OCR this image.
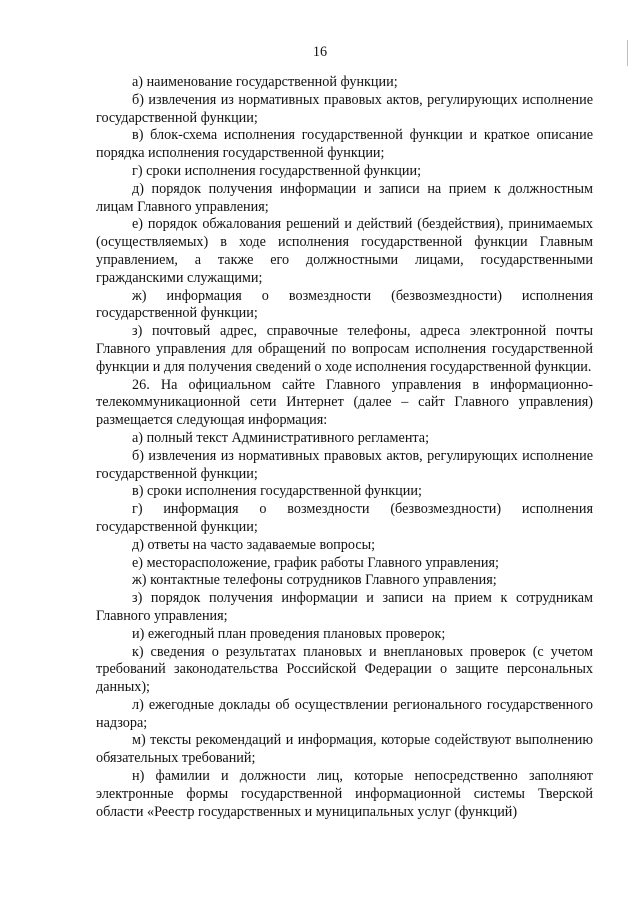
16

а) наименование государственной функции;

б) извлечения из нормативных правовых актов, регулирующих исполнение государственной функции;

в) блок-схема исполнения государственной функции и краткое описание порядка исполнения государственной функции;

г) сроки исполнения государственной функции;

д) порядок получения информации и записи на прием к должностным лицам Главного управления;

е) порядок обжалования решений и действий (бездействия), принимаемых (осуществляемых) в ходе исполнения государственной функции Главным управлением, а также его должностными лицами, государственными гражданскими служащими;

ж) информация о возмездности (безвозмездности) исполнения государственной функции;

з) почтовый адрес, справочные телефоны, адреса электронной почты Главного управления для обращений по вопросам исполнения государственной функции и для получения сведений о ходе исполнения государственной функции.

26. На официальном сайте Главного управления в информационно-телекоммуникационной сети Интернет (далее – сайт Главного управления) размещается следующая информация:

а) полный текст Административного регламента;

б) извлечения из нормативных правовых актов, регулирующих исполнение государственной функции;

в) сроки исполнения государственной функции;

г) информация о возмездности (безвозмездности) исполнения государственной функции;

д) ответы на часто задаваемые вопросы;

е) месторасположение, график работы Главного управления;

ж) контактные телефоны сотрудников Главного управления;

з) порядок получения информации и записи на прием к сотрудникам Главного управления;

и) ежегодный план проведения плановых проверок;

к) сведения о результатах плановых и внеплановых проверок (с учетом требований законодательства Российской Федерации о защите персональных данных);

л) ежегодные доклады об осуществлении регионального государственного надзора;

м) тексты рекомендаций и информация, которые содействуют выполнению обязательных требований;

н) фамилии и должности лиц, которые непосредственно заполняют электронные формы государственной информационной системы Тверской области «Реестр государственных и муниципальных услуг (функций)
